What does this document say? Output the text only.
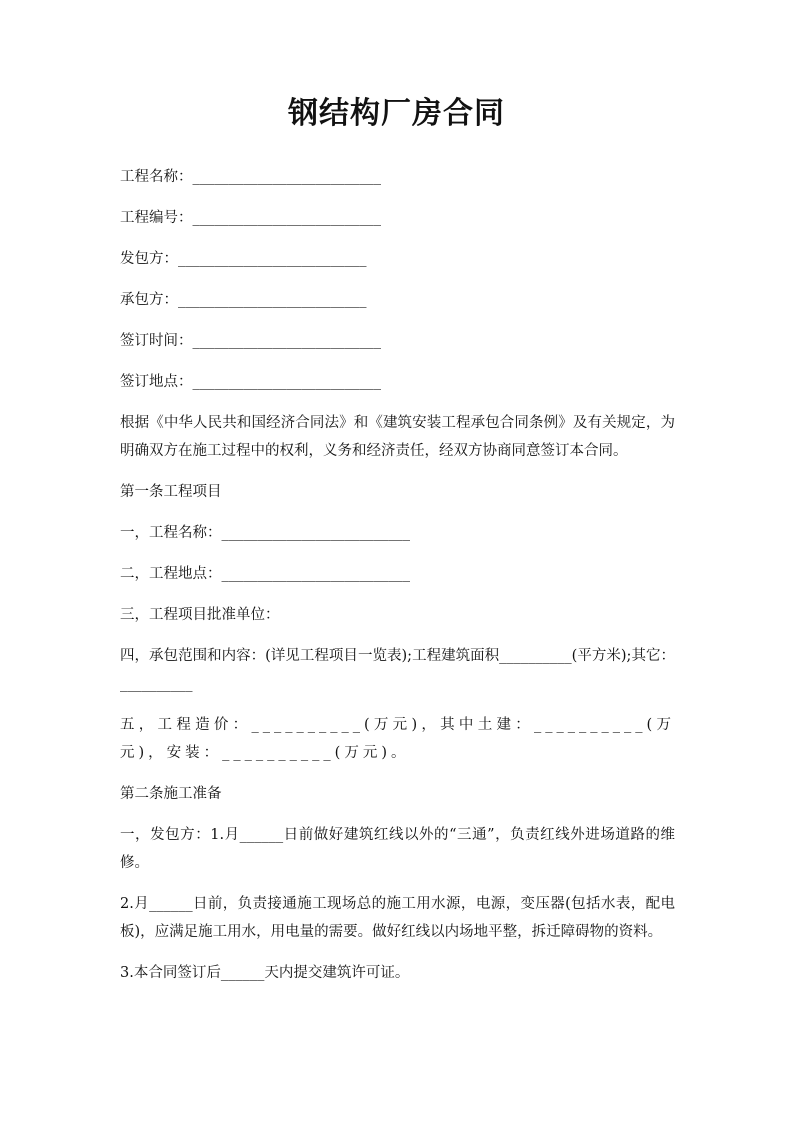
钢结构厂房合同

工程名称：__________________________

工程编号：__________________________

发包方：__________________________

承包方：__________________________

签订时间：__________________________

签订地点：__________________________

根据《中华人民共和国经济合同法》和《建筑安装工程承包合同条例》及有关规定，为明确双方在施工过程中的权利，义务和经济责任，经双方协商同意签订本合同。

第一条工程项目

一，工程名称：__________________________

二，工程地点：__________________________

三，工程项目批准单位：

四，承包范围和内容：(详见工程项目一览表);工程建筑面积__________(平方米);其它：__________

五，工程造价：__________(万元)，其中土建：__________(万元)，安装：__________(万元)。

第二条施工准备

一，发包方：1.月______日前做好建筑红线以外的“三通”，负责红线外进场道路的维修。

2.月______日前，负责接通施工现场总的施工用水源，电源，变压器(包括水表，配电板)，应满足施工用水，用电量的需要。做好红线以内场地平整，拆迁障碍物的资料。

3.本合同签订后______天内提交建筑许可证。
